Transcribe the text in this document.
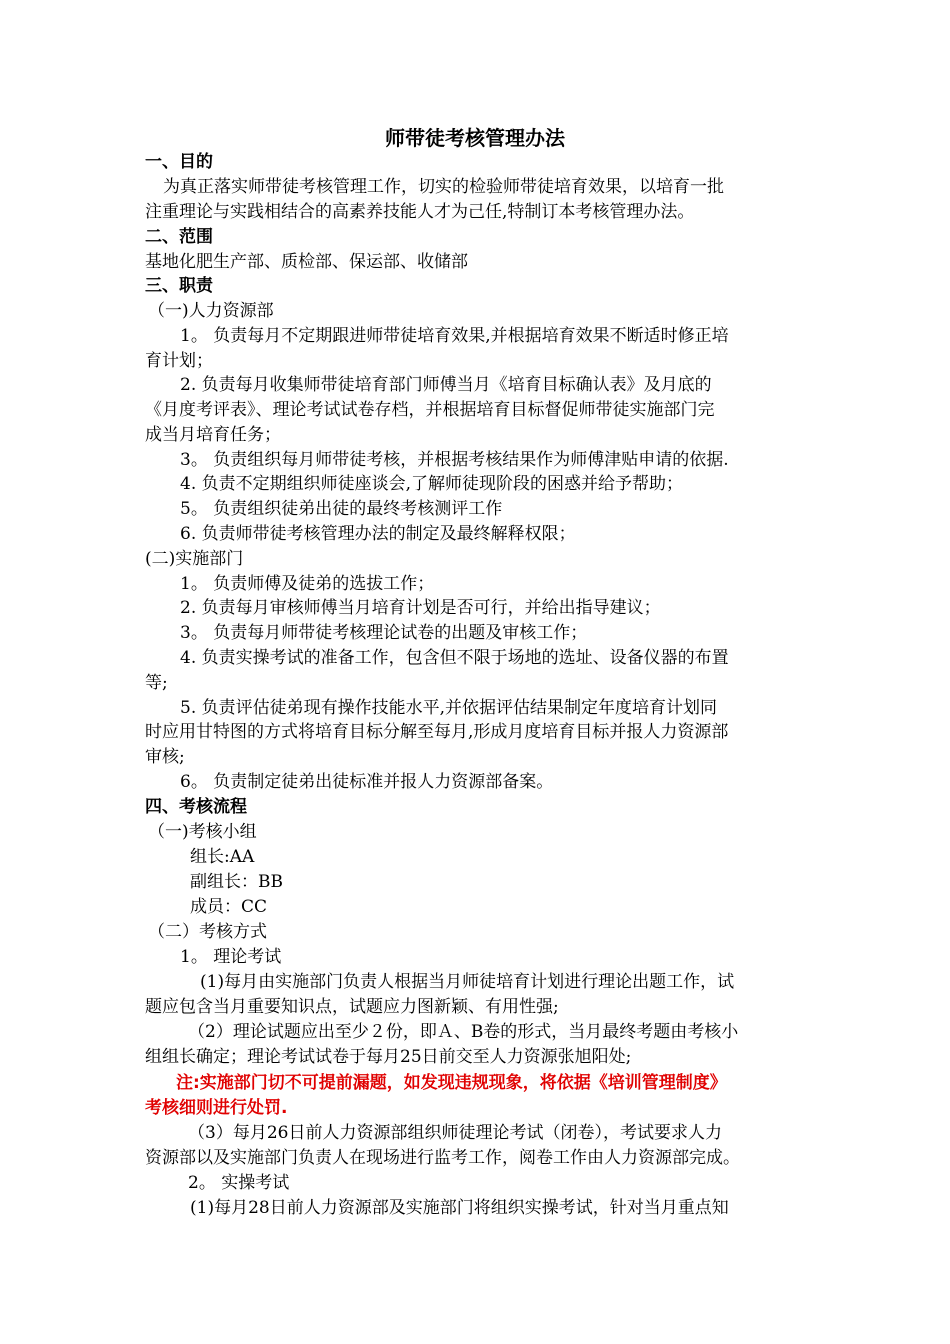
师带徒考核管理办法
一、目的
为真正落实师带徒考核管理工作，切实的检验师带徒培育效果，以培育一批
注重理论与实践相结合的高素养技能人才为己任,特制订本考核管理办法。
二、范围
基地化肥生产部、质检部、保运部、收储部
三、职责
（一)人力资源部
1。 负责每月不定期跟进师带徒培育效果,并根据培育效果不断适时修正培
育计划；
2. 负责每月收集师带徒培育部门师傅当月《培育目标确认表》及月底的
《月度考评表》、理论考试试卷存档，并根据培育目标督促师带徒实施部门完
成当月培育任务；
3。 负责组织每月师带徒考核，并根据考核结果作为师傅津贴申请的依据.
4. 负责不定期组织师徒座谈会,了解师徒现阶段的困惑并给予帮助；
5。 负责组织徒弟出徒的最终考核测评工作
6. 负责师带徒考核管理办法的制定及最终解释权限；
(二)实施部门
1。 负责师傅及徒弟的选拔工作；
2. 负责每月审核师傅当月培育计划是否可行，并给出指导建议；
3。 负责每月师带徒考核理论试卷的出题及审核工作；
4. 负责实操考试的准备工作，包含但不限于场地的选址、设备仪器的布置
等;
5. 负责评估徒弟现有操作技能水平,并依据评估结果制定年度培育计划同
时应用甘特图的方式将培育目标分解至每月,形成月度培育目标并报人力资源部
审核;
6。 负责制定徒弟出徒标准并报人力资源部备案。
四、考核流程
（一)考核小组
组长:AA
副组长：BB
成员：CC
（二）考核方式
1。 理论考试
(1)每月由实施部门负责人根据当月师徒培育计划进行理论出题工作，试
题应包含当月重要知识点，试题应力图新颖、有用性强;
（2）理论试题应出至少２份，即Ａ、B卷的形式，当月最终考题由考核小
组组长确定；理论考试试卷于每月25日前交至人力资源张旭阳处;
注:实施部门切不可提前漏题，如发现违规现象，将依据《培训管理制度》
考核细则进行处罚.
（3）每月26日前人力资源部组织师徒理论考试（闭卷），考试要求人力
资源部以及实施部门负责人在现场进行监考工作，阅卷工作由人力资源部完成。
2。 实操考试
(1)每月28日前人力资源部及实施部门将组织实操考试，针对当月重点知
